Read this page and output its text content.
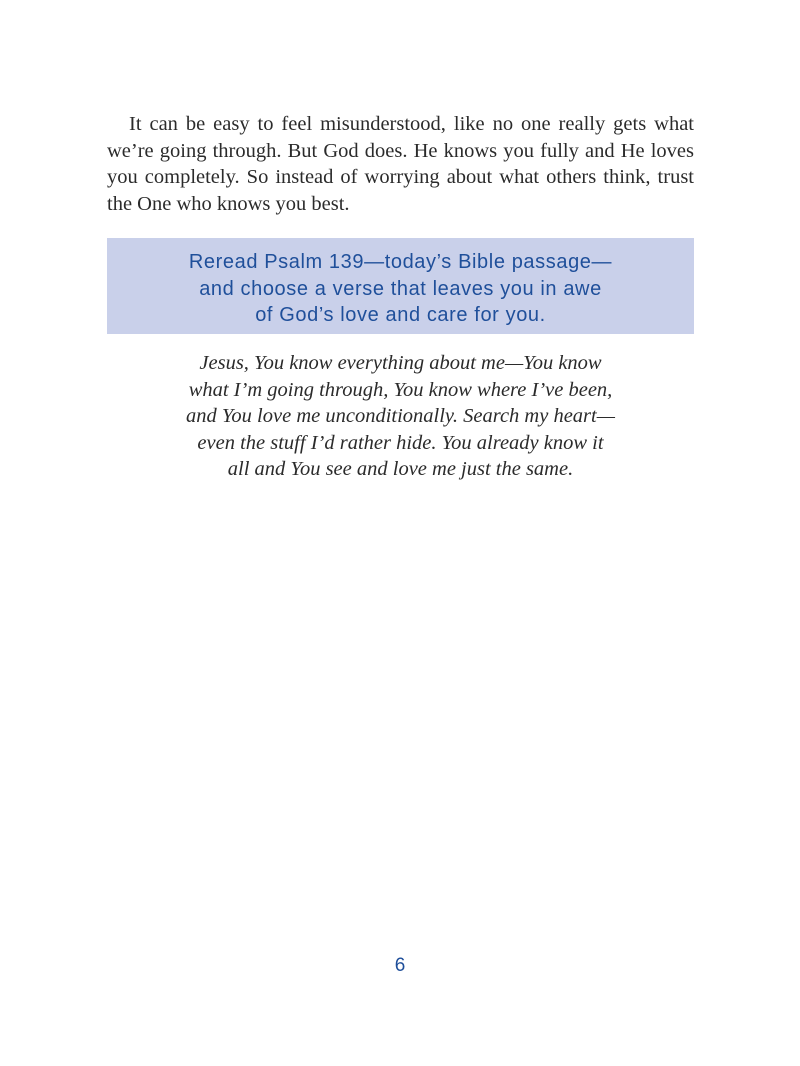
It can be easy to feel misunderstood, like no one really gets what we’re going through. But God does. He knows you fully and He loves you completely. So instead of worrying about what others think, trust the One who knows you best.

Reread Psalm 139—today’s Bible passage—
and choose a verse that leaves you in awe
of God’s love and care for you.
Jesus, You know everything about me—You know
what I’m going through, You know where I’ve been,
and You love me unconditionally. Search my heart—
even the stuff I’d rather hide. You already know it
all and You see and love me just the same.
6
